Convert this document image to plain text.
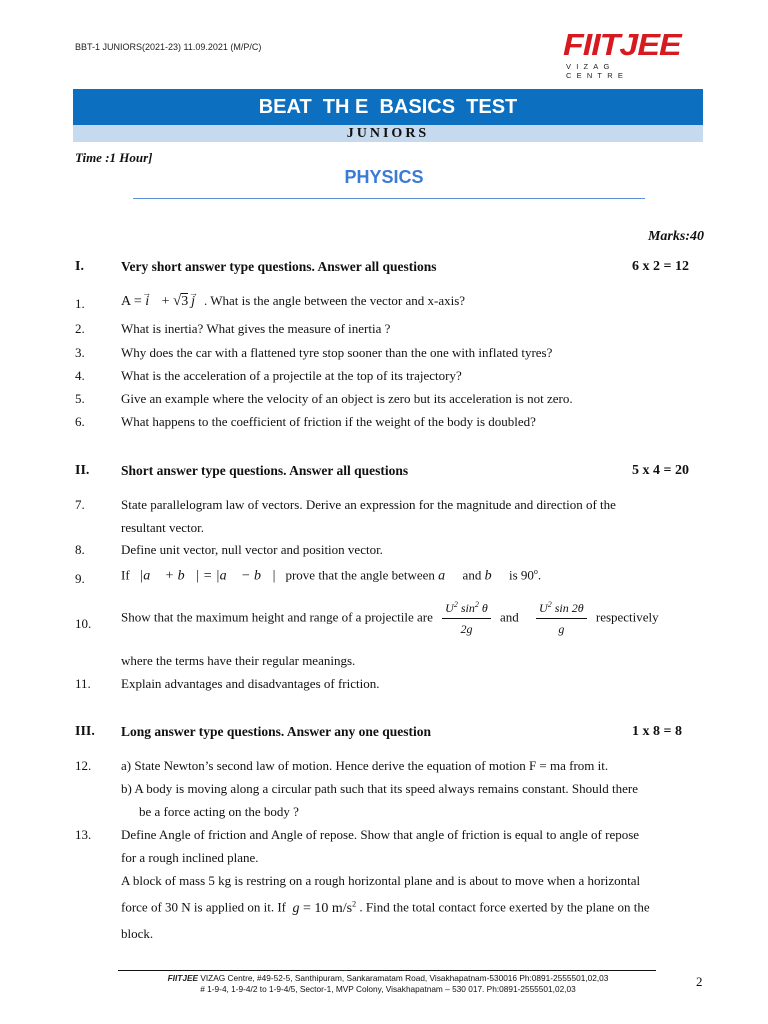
BBT-1 JUNIORS(2021-23) 11.09.2021 (M/P/C)	FIITJEE
VIZAG CENTRE
BEAT  TH E  BASICS  TEST
JUNIORS
Time :1 Hour]
PHYSICS
Marks:40
I.	Very short answer type questions. Answer all questions	6 x 2 = 12
1.	A = i→ + √3  j→ . What is the angle between the vector and x-axis?
2.	What is inertia? What gives the measure of inertia ?
3.	Why does the car with a flattened tyre stop sooner than the one with inflated tyres?
4.	What is the acceleration of a projectile at the top of its trajectory?
5.	Give an example where the velocity of an object is zero but its acceleration is not zero.
6.	What happens to the coefficient of friction if the weight of the body is doubled?
II. Short answer type questions. Answer all questions	5 x 4 = 20
7.	State parallelogram law of vectors. Derive an expression for the magnitude and direction of the
resultant vector.
8.	Define unit vector, null vector and position vector.
9.	If |a⃗ + b⃗| = |a⃗ − b⃗| prove that the angle between a⃗ and b⃗ is 90$^o$.
10. Show that the maximum height and range of a projectile are $\frac{U^2 \sin^2 \theta}{2g}$ and $\frac{U^2 \sin 2\theta}{g}$ respectively
where the terms have their regular meanings.
11. Explain advantages and disadvantages of friction.
III. Long answer type questions. Answer any one question	1 x 8 = 8
12. a) State Newton’s second law of motion. Hence derive the equation of motion F = ma from it.
b) A body is moving along a circular path such that its speed always remains constant. Should there
be a force acting on the body ?
13. Define Angle of friction and Angle of repose. Show that angle of friction is equal to angle of repose
for a rough inclined plane.
A block of mass 5 kg is restring on a rough horizontal plane and is about to move when a horizontal
force of 30 N is applied on it. If g = 10 $m/s^2$ . Find the total contact force exerted by the plane on the
block.
FIITJEE VIZAG Centre, #49-52-5, Santhipuram, Sankaramatam Road, Visakhapatnam-530016 Ph:0891-2555501,02,03
# 1-9-4, 1-9-4/2 to 1-9-4/5, Sector-1, MVP Colony, Visakhapatnam – 530 017. Ph:0891-2555501,02,03	2
